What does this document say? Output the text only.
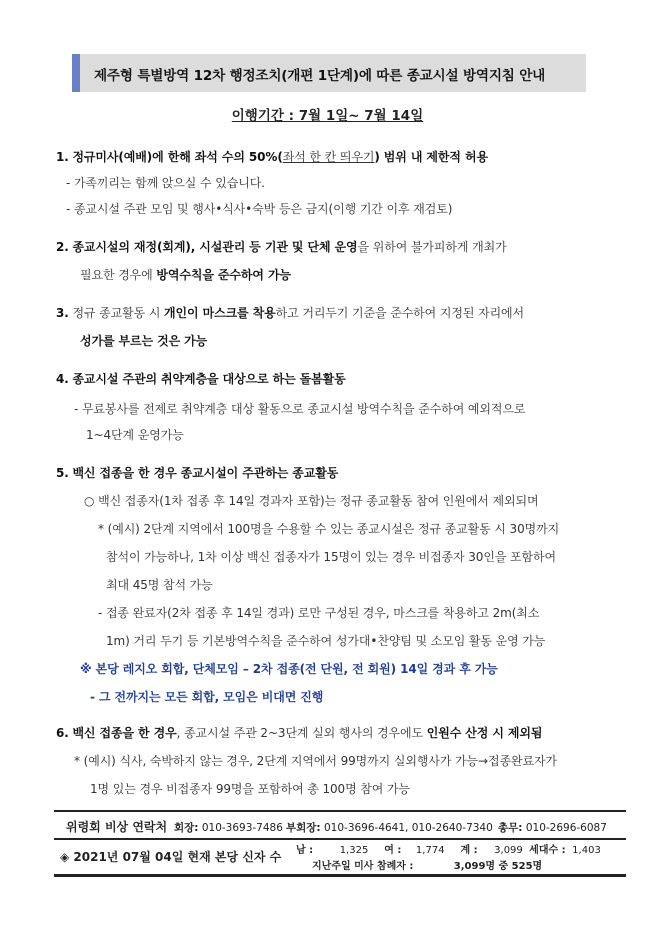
제주형 특별방역 12차 행정조치(개편 1단계)에 따른 종교시설 방역지침 안내
이행기간 : 7월 1일~ 7월 14일
1. 정규미사(예배)에 한해 좌석 수의 50%(좌석 한 칸 띄우기) 범위 내 제한적 허용
- 가족끼리는 함께 앉으실 수 있습니다.
- 종교시설 주관 모임 및 행사•식사•숙박 등은 금지(이행 기간 이후 재검토)
2. 종교시설의 재정(회계), 시설관리 등 기관 및 단체 운영을 위하여 불가피하게 개최가
필요한 경우에 방역수칙을 준수하여 가능
3. 정규 종교활동 시 개인이 마스크를 착용하고 거리두기 기준을 준수하여 지정된 자리에서
성가를 부르는 것은 가능
4. 종교시설 주관의 취약계층을 대상으로 하는 돌봄활동
- 무료봉사를 전제로 취약계층 대상 활동으로 종교시설 방역수칙을 준수하여 예외적으로
1~4단계 운영가능
5. 백신 접종을 한 경우 종교시설이 주관하는 종교활동
○ 백신 접종자(1차 접종 후 14일 경과자 포함)는 정규 종교활동 참여 인원에서 제외되며
* (예시) 2단계 지역에서 100명을 수용할 수 있는 종교시설은 정규 종교활동 시 30명까지
참석이 가능하나, 1차 이상 백신 접종자가 15명이 있는 경우 비접종자 30인을 포함하여
최대 45명 참석 가능
- 접종 완료자(2차 접종 후 14일 경과) 로만 구성된 경우, 마스크를 착용하고 2m(최소
1m) 거리 두기 등 기본방역수칙을 준수하여 성가대•찬양팀 및 소모임 활동 운영 가능
※ 본당 레지오 회합, 단체모임 – 2차 접종(전 단원, 전 회원) 14일 경과 후 가능
- 그 전까지는 모든 회합, 모임은 비대면 진행
6. 백신 접종을 한 경우, 종교시설 주관 2~3단계 실외 행사의 경우에도 인원수 산정 시 제외됨
* (예시) 식사, 숙박하지 않는 경우, 2단계 지역에서 99명까지 실외행사가 가능→접종완료자가
1명 있는 경우 비접종자 99명을 포함하여 총 100명 참여 가능
위령회 비상 연락처 회장: 010-3693-7486 부회장: 010-3696-4641, 010-2640-7340 총무: 010-2696-6087
◈ 2021년 07월 04일 현재 본당 신자 수 남 :	1,325 여 : 1,774 계 : 3,099 세대수 : 1,403
지난주일 미사 참례자 :	3,099명 중 525명
